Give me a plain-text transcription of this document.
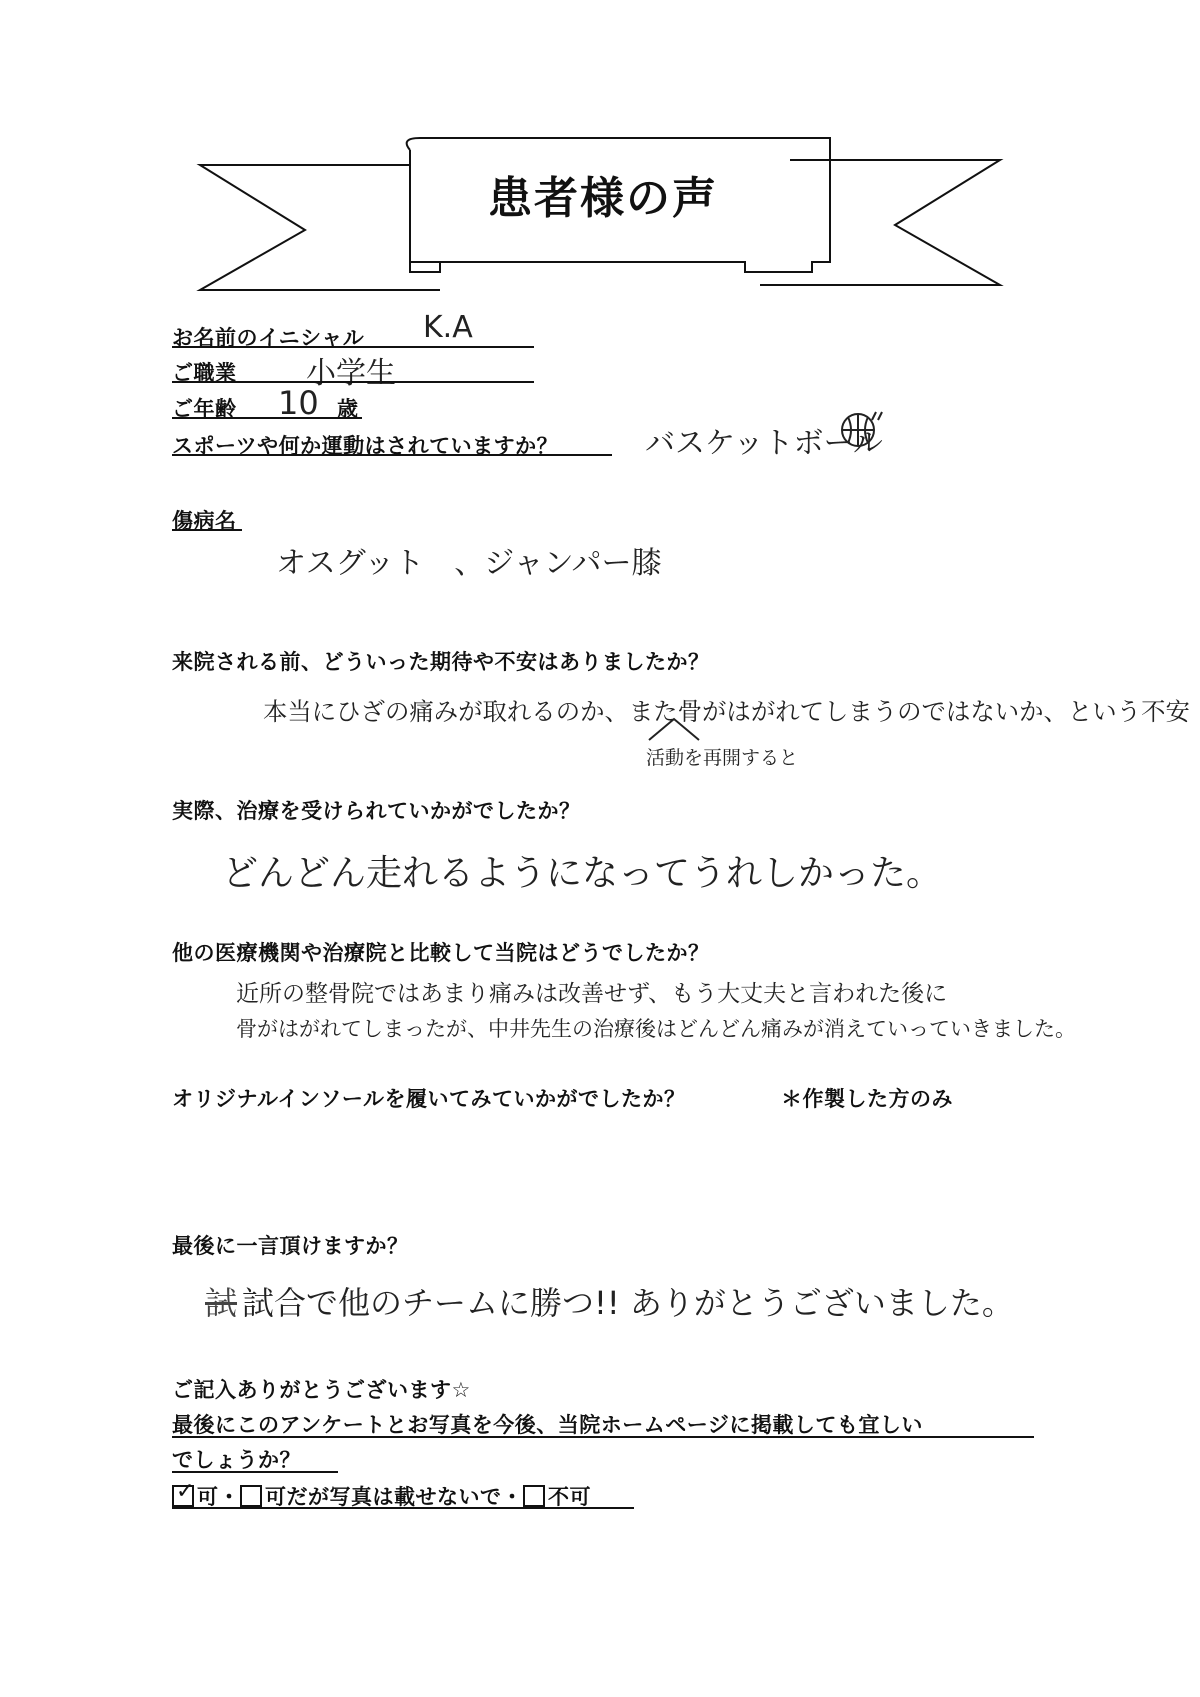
患者様の声
お名前のイニシャル K.A
ご職業 小学生
ご年齢 10 歳
スポーツや何か運動はされていますか？	バスケットボール
傷病名
オスグット　、ジャンパー膝
来院される前、どういった期待や不安はありましたか？
本当にひざの痛みが取れるのか、また骨がはがれてしまうのではないか、という不安
活動を再開すると
実際、治療を受けられていかがでしたか？
どんどん走れるようになってうれしかった。
他の医療機関や治療院と比較して当院はどうでしたか？
近所の整骨院ではあまり痛みは改善せず、もう大丈夫と言われた後に
骨がはがれてしまったが、中井先生の治療後はどんどん痛みが消えていっていきました。
オリジナルインソールを履いてみていかがでしたか？	＊作製した方のみ
最後に一言頂けますか？
試 試合で他のチームに勝つ!! ありがとうございました。
ご記入ありがとうございます☆
最後にこのアンケートとお写真を今後、当院ホームページに掲載しても宜しい
でしょうか？
✓ 可・ 可だが写真は載せないで・ 不可
